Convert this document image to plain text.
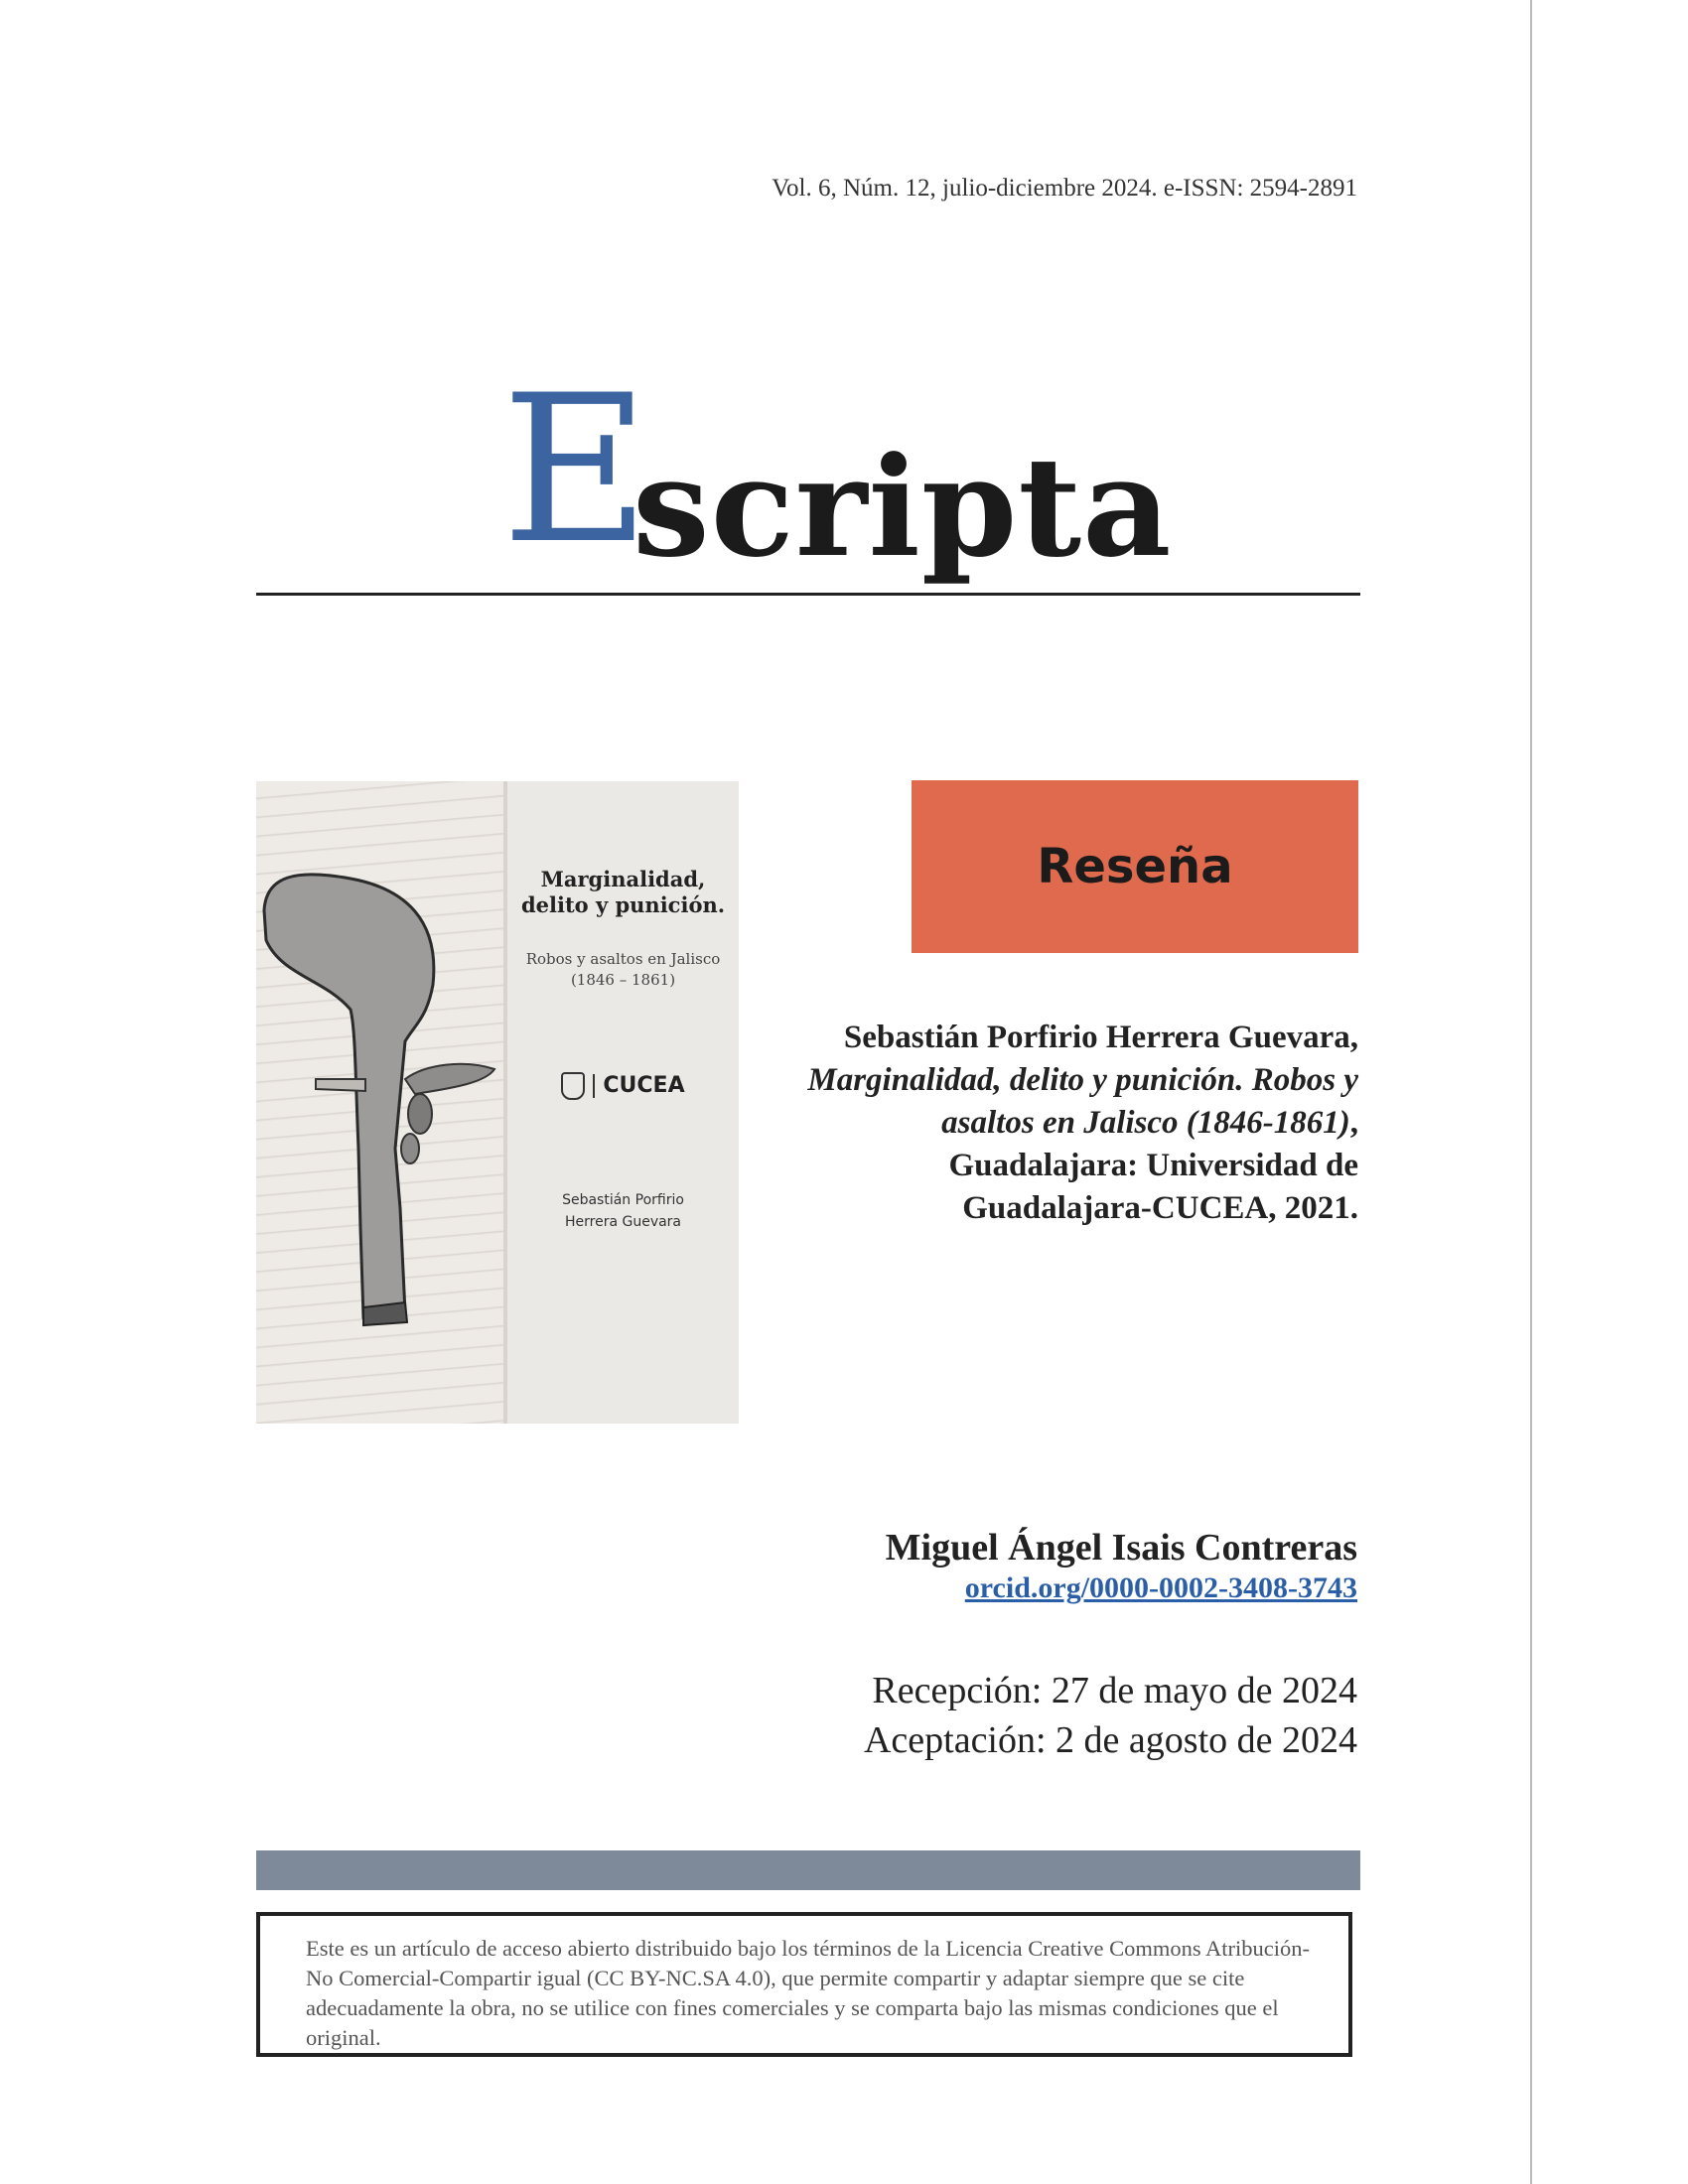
Vol. 6, Núm. 12, julio-diciembre 2024. e-ISSN: 2594-2891
E
scripta
Marginalidad,
delito y punición.
Robos y asaltos en Jalisco
(1846 – 1861)
CUCEA
Sebastián Porfirio
Herrera Guevara
Reseña
Sebastián Porfirio Herrera Guevara, Marginalidad, delito y punición. Robos y asaltos en Jalisco (1846-1861), Guadalajara: Universidad de Guadalajara-CUCEA, 2021.
Miguel Ángel Isais Contreras
orcid.org/0000-0002-3408-3743
Recepción: 27 de mayo de 2024
Aceptación: 2 de agosto de 2024

Este es un artículo de acceso abierto distribuido bajo los términos de la Licencia Creative Commons Atribución-No Comercial-Compartir igual (CC BY-NC.SA 4.0), que permite compartir y adaptar siempre que se cite adecuadamente la obra, no se utilice con fines comerciales y se comparta bajo las mismas condiciones que el original.
